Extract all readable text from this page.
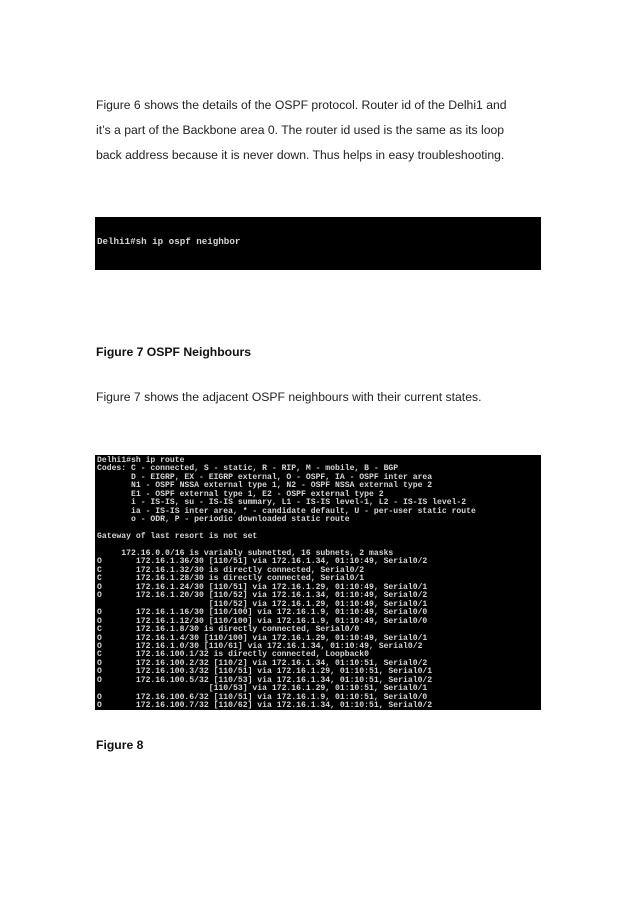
Figure 6 shows the details of the OSPF protocol. Router id of the Delhi1 and
it’s a part of the Backbone area 0. The router id used is the same as its loop
back address because it is never down. Thus helps in easy troubleshooting.

Delhi1#sh ip ospf neighbor

Figure 7 OSPF Neighbours

Figure 7 shows the adjacent OSPF neighbours with their current states.

Delhi1#sh ip route
Codes: C - connected, S - static, R - RIP, M - mobile, B - BGP
D - EIGRP, EX - EIGRP external, O - OSPF, IA - OSPF inter area
N1 - OSPF NSSA external type 1, N2 - OSPF NSSA external type 2
E1 - OSPF external type 1, E2 - OSPF external type 2
i - IS-IS, su - IS-IS summary, L1 - IS-IS level-1, L2 - IS-IS level-2
ia - IS-IS inter area, * - candidate default, U - per-user static route
o - ODR, P - periodic downloaded static route

Gateway of last resort is not set

172.16.0.0/16 is variably subnetted, 16 subnets, 2 masks
O       172.16.1.36/30 [110/51] via 172.16.1.34, 01:10:49, Serial0/2
C       172.16.1.32/30 is directly connected, Serial0/2
C       172.16.1.28/30 is directly connected, Serial0/1
O       172.16.1.24/30 [110/51] via 172.16.1.29, 01:10:49, Serial0/1
O       172.16.1.20/30 [110/52] via 172.16.1.34, 01:10:49, Serial0/2
[110/52] via 172.16.1.29, 01:10:49, Serial0/1
O       172.16.1.16/30 [110/100] via 172.16.1.9, 01:10:49, Serial0/0
O       172.16.1.12/30 [110/100] via 172.16.1.9, 01:10:49, Serial0/0
C       172.16.1.8/30 is directly connected, Serial0/0
O       172.16.1.4/30 [110/100] via 172.16.1.29, 01:10:49, Serial0/1
O       172.16.1.0/30 [110/61] via 172.16.1.34, 01:10:49, Serial0/2
C       172.16.100.1/32 is directly connected, Loopback0
O       172.16.100.2/32 [110/2] via 172.16.1.34, 01:10:51, Serial0/2
O       172.16.100.3/32 [110/51] via 172.16.1.29, 01:10:51, Serial0/1
O       172.16.100.5/32 [110/53] via 172.16.1.34, 01:10:51, Serial0/2
[110/53] via 172.16.1.29, 01:10:51, Serial0/1
O       172.16.100.6/32 [110/51] via 172.16.1.9, 01:10:51, Serial0/0
O       172.16.100.7/32 [110/62] via 172.16.1.34, 01:10:51, Serial0/2

Figure 8
